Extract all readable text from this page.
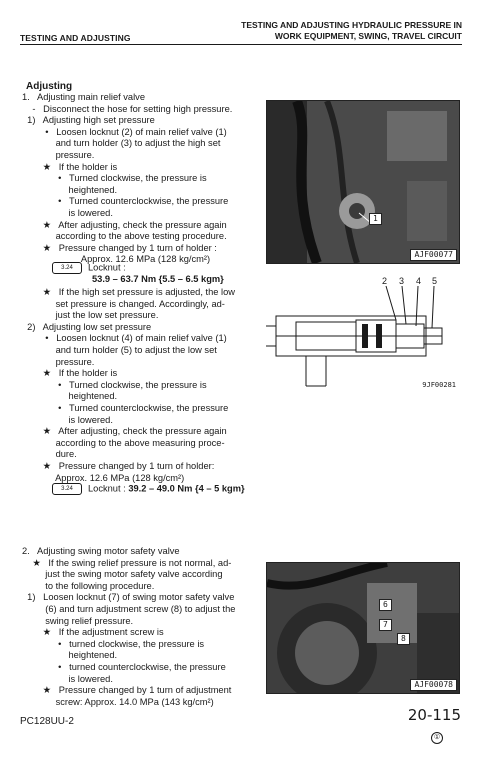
TESTING AND ADJUSTING
TESTING AND ADJUSTING HYDRAULIC PRESSURE IN
WORK EQUIPMENT, SWING, TRAVEL CIRCUIT
Adjusting
1.   Adjusting main relief valve
-   Disconnect the hose for setting high pressure.
1)   Adjusting high set pressure
•   Loosen locknut (2) of main relief valve (1)
and turn holder (3) to adjust the high set
pressure.
★   If the holder is
•   Turned clockwise, the pressure is
heightened.
•   Turned counterclockwise, the pressure
is lowered.
★   After adjusting, check the pressure again
according to the above testing procedure.
★   Pressure changed by 1 turn of holder :
Approx. 12.6 MPa (128 kg/cm²)
3.24 Locknut :
53.9 – 63.7 Nm {5.5 – 6.5 kgm}
★   If the high set pressure is adjusted, the low
set pressure is changed. Accordingly, ad-
just the low set pressure.
2)   Adjusting low set pressure
•   Loosen locknut (4) of main relief valve (1)
and turn holder (5) to adjust the low set
pressure.
★   If the holder is
•   Turned clockwise, the pressure is
heightened.
•   Turned counterclockwise, the pressure
is lowered.
★   After adjusting, check the pressure again
according to the above measuring proce-
dure.
★   Pressure changed by 1 turn of holder:
Approx. 12.6 MPa (128 kg/cm²)
3.24 Locknut : 39.2 – 49.0 Nm {4 – 5 kgm}
2.   Adjusting swing motor safety valve
★   If the swing relief pressure is not normal, ad-
just the swing motor safety valve according
to the following procedure.
1)   Loosen locknut (7) of swing motor safety valve
(6) and turn adjustment screw (8) to adjust the
swing relief pressure.
★   If the adjustment screw is
•   turned clockwise, the pressure is
heightened.
•   turned counterclockwise, the pressure
is lowered.
★   Pressure changed by 1 turn of adjustment
screw: Approx. 14.0 MPa (143 kg/cm²)
1
AJF00077
2 3 4 5
9JF00281
6
7
8
AJF00078
PC128UU-2	20-115
①
